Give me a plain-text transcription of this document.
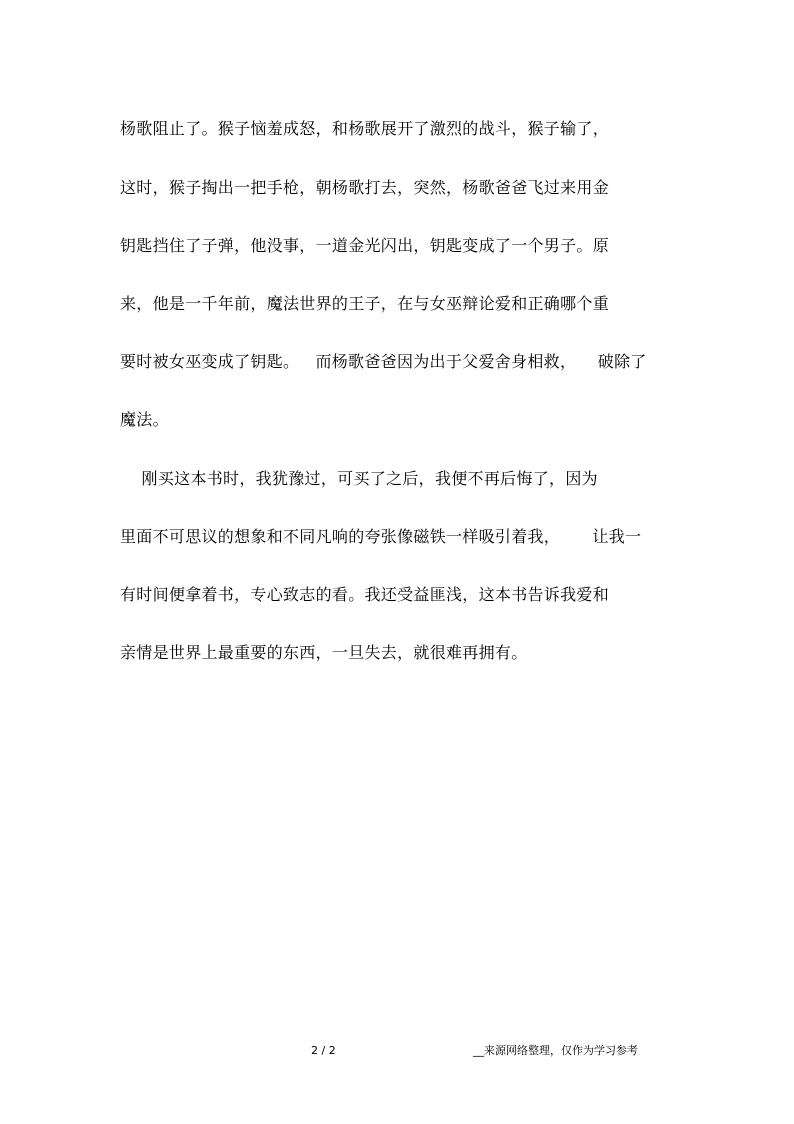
杨歌阻止了。猴子恼羞成怒，和杨歌展开了激烈的战斗，猴子输了，
这时，猴子掏出一把手枪，朝杨歌打去，突然，杨歌爸爸飞过来用金
钥匙挡住了子弹，他没事，一道金光闪出，钥匙变成了一个男子。原
来，他是一千年前，魔法世界的王子，在与女巫辩论爱和正确哪个重
要时被女巫变成了钥匙。   而杨歌爸爸因为出于父爱舍身相救，    破除了
魔法。
刚买这本书时，我犹豫过，可买了之后，我便不再后悔了，因为
里面不可思议的想象和不同凡响的夸张像磁铁一样吸引着我，      让我一
有时间便拿着书，专心致志的看。我还受益匪浅，这本书告诉我爱和
亲情是世界上最重要的东西，一旦失去，就很难再拥有。
2 / 2	__来源网络整理，仅作为学习参考
